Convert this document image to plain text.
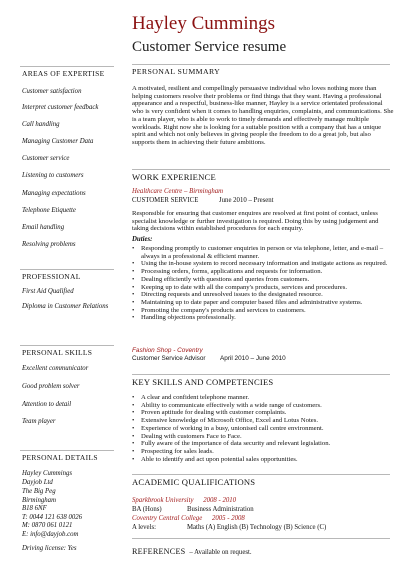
Hayley Cummings
Customer Service resume
AREAS OF EXPERTISE
Customer satisfaction
Interpret customer feedback
Call handling
Managing Customer Data
Customer service
Listening to customers
Managing expectations
Telephone Etiquette
Email handling
Resolving problems
PROFESSIONAL
First Aid Qualified
Diploma in Customer Relations
PERSONAL SKILLS
Excellent communicator
Good problem solver
Attention to detail
Team player
PERSONAL DETAILS
Hayley Cummings
Dayjob Ltd
The Big Peg
Birmingham
B18 6NF
T: 0044 121 638 0026
M: 0870 061 0121
E: info@dayjob.com
Driving license: Yes
PERSONAL SUMMARY

A motivated, resilient and compellingly persuasive individual who loves nothing more than helping customers resolve their problems or find things that they want. Having a professional appearance and a respectful, business-like manner, Hayley is a service orientated professional who is very confident when it comes to handling enquiries, complaints, and communications. She is a team player, who is able to work to timely demands and effectively manage multiple workloads. Right now she is looking for a suitable position with a company that has a unique spirit and which not only believes in giving people the freedom to do a great job, but also supports them in achieving their future ambitions.

WORK EXPERIENCE
Healthcare Centre – Birmingham
CUSTOMER SERVICE	June 2010 – Present

Responsible for ensuring that customer enquires are resolved at first point of contact, unless specialist knowledge or further investigation is required. Doing this by using judgement and taking decisions within established procedures for each enquiry.

Duties:
• Responding promptly to customer enquiries in person or via telephone, letter, and e-mail – always in a professional & efficient manner.
• Using the in-house system to record necessary information and instigate actions as required.
• Processing orders, forms, applications and requests for information.
• Dealing efficiently with questions and queries from customers.
• Keeping up to date with all the company's products, services and procedures.
• Directing requests and unresolved issues to the designated resource.
• Maintaining up to date paper and computer based files and administrative systems.
• Promoting the company's products and services to customers.
• Handling objections professionally.
Fashion Shop - Coventry
Customer Service Advisor April 2010 – June 2010
KEY SKILLS AND COMPETENCIES
• A clear and confident telephone manner.
• Ability to communicate effectively with a wide range of customers.
• Proven aptitude for dealing with customer complaints.
• Extensive knowledge of Microsoft Office, Excel and Lotus Notes.
• Experience of working in a busy, unionised call centre environment.
• Dealing with customers Face to Face.
• Fully aware of the importance of data security and relevant legislation.
• Prospecting for sales leads.
• Able to identify and act upon potential sales opportunities.
ACADEMIC QUALIFICATIONS
Sparkbrook University 2008 - 2010
BA (Hons)	Business Administration
Coventry Central College 2005 - 2008
A levels:	Maths (A) English (B) Technology (B) Science (C)
REFERENCES – Available on request.
